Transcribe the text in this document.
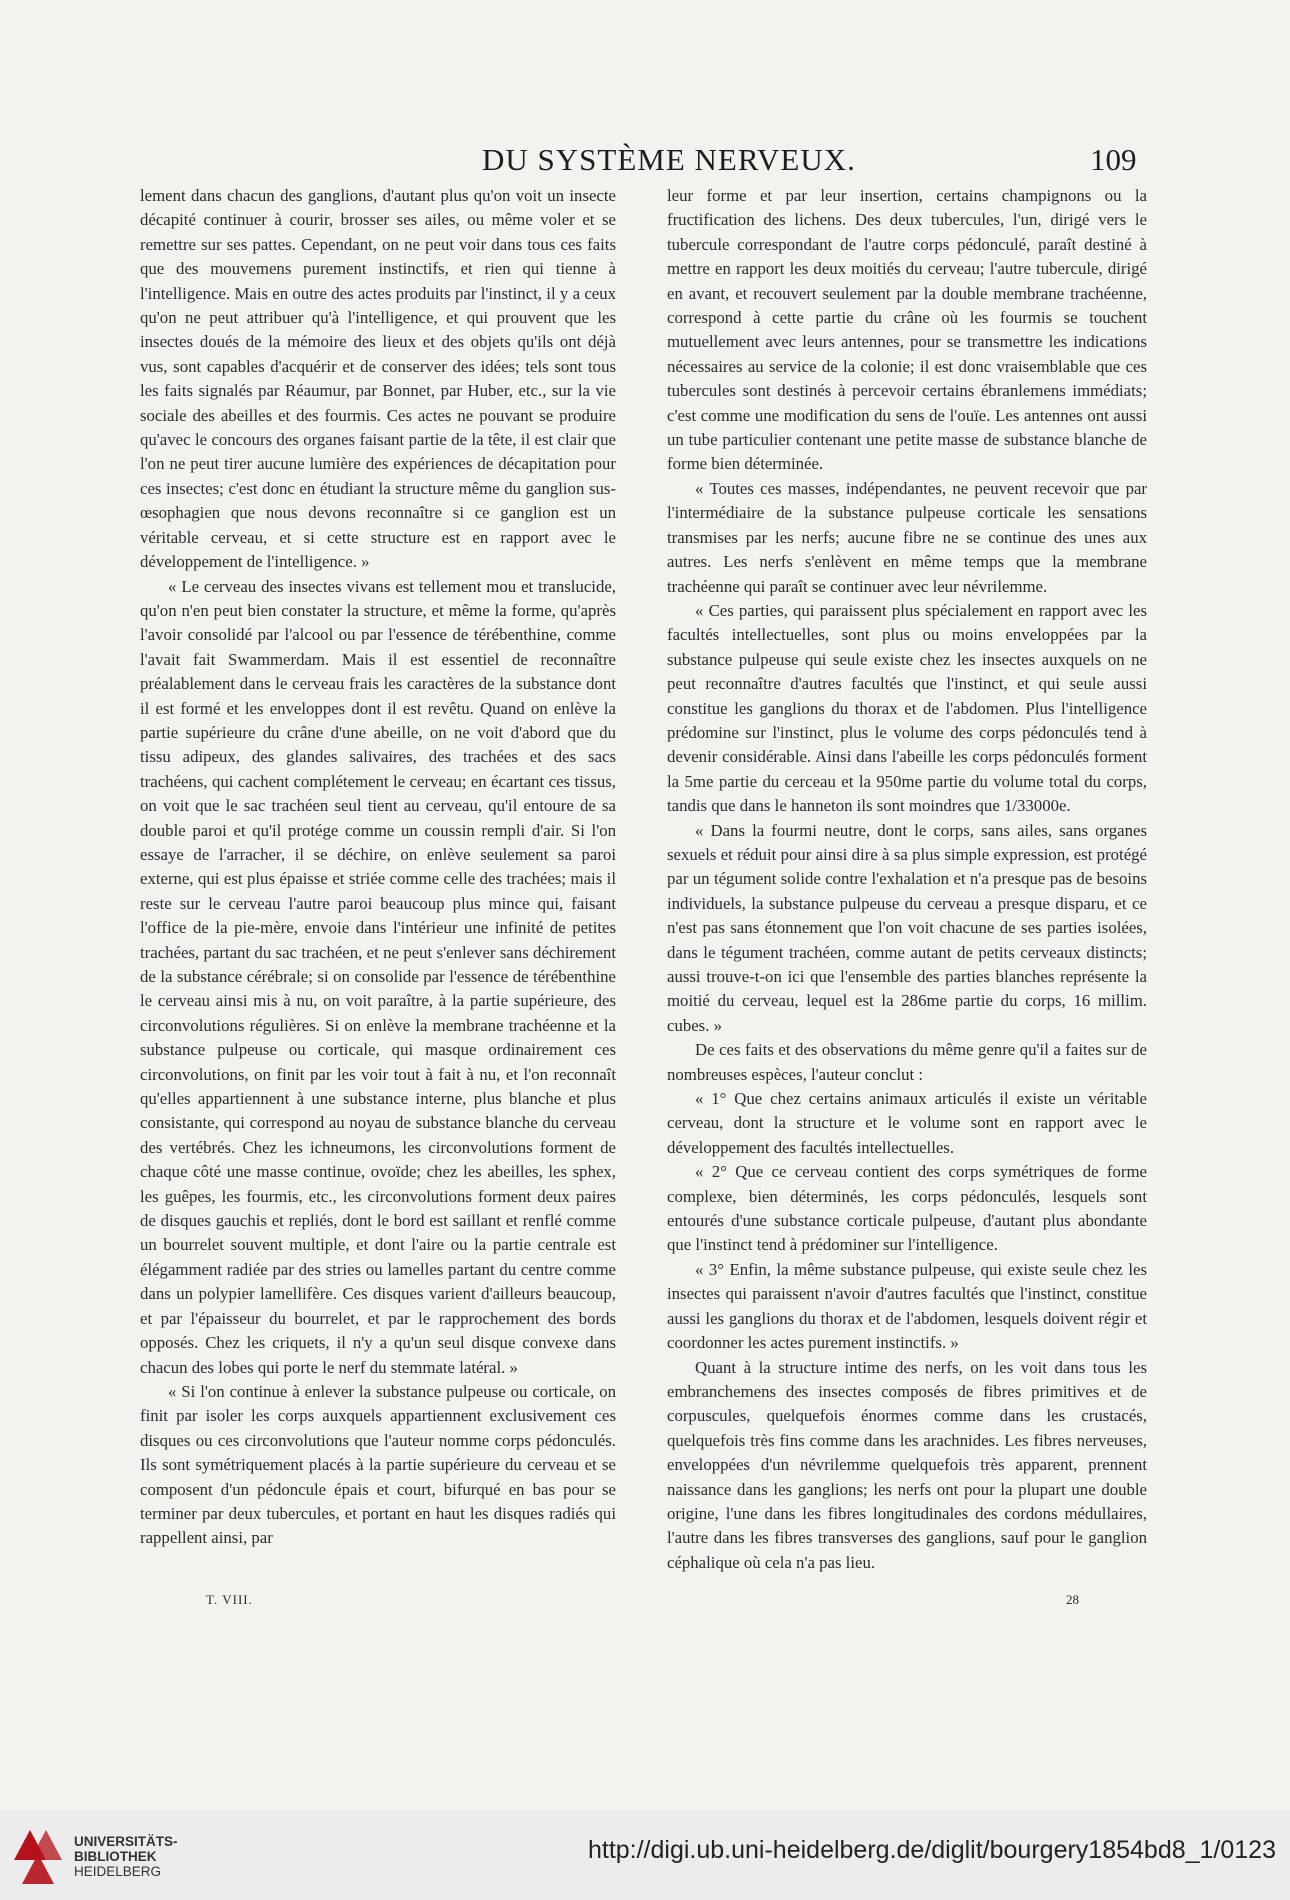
DU SYSTÈME NERVEUX.	109

lement dans chacun des ganglions, d'autant plus qu'on voit un insecte décapité continuer à courir, brosser ses ailes, ou même voler et se remettre sur ses pattes. Cependant, on ne peut voir dans tous ces faits que des mouvemens purement instinctifs, et rien qui tienne à l'intelligence. Mais en outre des actes produits par l'instinct, il y a ceux qu'on ne peut attribuer qu'à l'intelligence, et qui prouvent que les insectes doués de la mémoire des lieux et des objets qu'ils ont déjà vus, sont capables d'acquérir et de conserver des idées; tels sont tous les faits signalés par Réaumur, par Bonnet, par Huber, etc., sur la vie sociale des abeilles et des fourmis. Ces actes ne pouvant se produire qu'avec le concours des organes faisant partie de la tête, il est clair que l'on ne peut tirer aucune lumière des expériences de décapitation pour ces insectes; c'est donc en étudiant la structure même du ganglion sus-œsophagien que nous devons reconnaître si ce ganglion est un véritable cerveau, et si cette structure est en rapport avec le développement de l'intelligence. »

« Le cerveau des insectes vivans est tellement mou et translucide, qu'on n'en peut bien constater la structure, et même la forme, qu'après l'avoir consolidé par l'alcool ou par l'essence de térébenthine, comme l'avait fait Swammerdam. Mais il est essentiel de reconnaître préalablement dans le cerveau frais les caractères de la substance dont il est formé et les enveloppes dont il est revêtu. Quand on enlève la partie supérieure du crâne d'une abeille, on ne voit d'abord que du tissu adipeux, des glandes salivaires, des trachées et des sacs trachéens, qui cachent complétement le cerveau; en écartant ces tissus, on voit que le sac trachéen seul tient au cerveau, qu'il entoure de sa double paroi et qu'il protége comme un coussin rempli d'air. Si l'on essaye de l'arracher, il se déchire, on enlève seulement sa paroi externe, qui est plus épaisse et striée comme celle des trachées; mais il reste sur le cerveau l'autre paroi beaucoup plus mince qui, faisant l'office de la pie-mère, envoie dans l'intérieur une infinité de petites trachées, partant du sac trachéen, et ne peut s'enlever sans déchirement de la substance cérébrale; si on consolide par l'essence de térébenthine le cerveau ainsi mis à nu, on voit paraître, à la partie supérieure, des circonvolutions régulières. Si on enlève la membrane trachéenne et la substance pulpeuse ou corticale, qui masque ordinairement ces circonvolutions, on finit par les voir tout à fait à nu, et l'on reconnaît qu'elles appartiennent à une substance interne, plus blanche et plus consistante, qui correspond au noyau de substance blanche du cerveau des vertébrés. Chez les ichneumons, les circonvolutions forment de chaque côté une masse continue, ovoïde; chez les abeilles, les sphex, les guêpes, les fourmis, etc., les circonvolutions forment deux paires de disques gauchis et repliés, dont le bord est saillant et renflé comme un bourrelet souvent multiple, et dont l'aire ou la partie centrale est élégamment radiée par des stries ou lamelles partant du centre comme dans un polypier lamellifère. Ces disques varient d'ailleurs beaucoup, et par l'épaisseur du bourrelet, et par le rapprochement des bords opposés. Chez les criquets, il n'y a qu'un seul disque convexe dans chacun des lobes qui porte le nerf du stemmate latéral. »

« Si l'on continue à enlever la substance pulpeuse ou corticale, on finit par isoler les corps auxquels appartiennent exclusivement ces disques ou ces circonvolutions que l'auteur nomme corps pédonculés. Ils sont symétriquement placés à la partie supérieure du cerveau et se composent d'un pédoncule épais et court, bifurqué en bas pour se terminer par deux tubercules, et portant en haut les disques radiés qui rappellent ainsi, par

leur forme et par leur insertion, certains champignons ou la fructification des lichens. Des deux tubercules, l'un, dirigé vers le tubercule correspondant de l'autre corps pédonculé, paraît destiné à mettre en rapport les deux moitiés du cerveau; l'autre tubercule, dirigé en avant, et recouvert seulement par la double membrane trachéenne, correspond à cette partie du crâne où les fourmis se touchent mutuellement avec leurs antennes, pour se transmettre les indications nécessaires au service de la colonie; il est donc vraisemblable que ces tubercules sont destinés à percevoir certains ébranlemens immédiats; c'est comme une modification du sens de l'ouïe. Les antennes ont aussi un tube particulier contenant une petite masse de substance blanche de forme bien déterminée.

« Toutes ces masses, indépendantes, ne peuvent recevoir que par l'intermédiaire de la substance pulpeuse corticale les sensations transmises par les nerfs; aucune fibre ne se continue des unes aux autres. Les nerfs s'enlèvent en même temps que la membrane trachéenne qui paraît se continuer avec leur névrilemme.

« Ces parties, qui paraissent plus spécialement en rapport avec les facultés intellectuelles, sont plus ou moins enveloppées par la substance pulpeuse qui seule existe chez les insectes auxquels on ne peut reconnaître d'autres facultés que l'instinct, et qui seule aussi constitue les ganglions du thorax et de l'abdomen. Plus l'intelligence prédomine sur l'instinct, plus le volume des corps pédonculés tend à devenir considérable. Ainsi dans l'abeille les corps pédonculés forment la 5me partie du cerceau et la 950me partie du volume total du corps, tandis que dans le hanneton ils sont moindres que 1/33000e.

« Dans la fourmi neutre, dont le corps, sans ailes, sans organes sexuels et réduit pour ainsi dire à sa plus simple expression, est protégé par un tégument solide contre l'exhalation et n'a presque pas de besoins individuels, la substance pulpeuse du cerveau a presque disparu, et ce n'est pas sans étonnement que l'on voit chacune de ses parties isolées, dans le tégument trachéen, comme autant de petits cerveaux distincts; aussi trouve-t-on ici que l'ensemble des parties blanches représente la moitié du cerveau, lequel est la 286me partie du corps, 16 millim. cubes. »

De ces faits et des observations du même genre qu'il a faites sur de nombreuses espèces, l'auteur conclut :

« 1° Que chez certains animaux articulés il existe un véritable cerveau, dont la structure et le volume sont en rapport avec le développement des facultés intellectuelles.

« 2° Que ce cerveau contient des corps symétriques de forme complexe, bien déterminés, les corps pédonculés, lesquels sont entourés d'une substance corticale pulpeuse, d'autant plus abondante que l'instinct tend à prédominer sur l'intelligence.

« 3° Enfin, la même substance pulpeuse, qui existe seule chez les insectes qui paraissent n'avoir d'autres facultés que l'instinct, constitue aussi les ganglions du thorax et de l'abdomen, lesquels doivent régir et coordonner les actes purement instinctifs. »

Quant à la structure intime des nerfs, on les voit dans tous les embranchemens des insectes composés de fibres primitives et de corpuscules, quelquefois énormes comme dans les crustacés, quelquefois très fins comme dans les arachnides. Les fibres nerveuses, enveloppées d'un névrilemme quelquefois très apparent, prennent naissance dans les ganglions; les nerfs ont pour la plupart une double origine, l'une dans les fibres longitudinales des cordons médullaires, l'autre dans les fibres transverses des ganglions, sauf pour le ganglion céphalique où cela n'a pas lieu.

T. VIII.	28
UNIVERSITÄTS-
BIBLIOTHEK
HEIDELBERG
http://digi.ub.uni-heidelberg.de/diglit/bourgery1854bd8_1/0123
